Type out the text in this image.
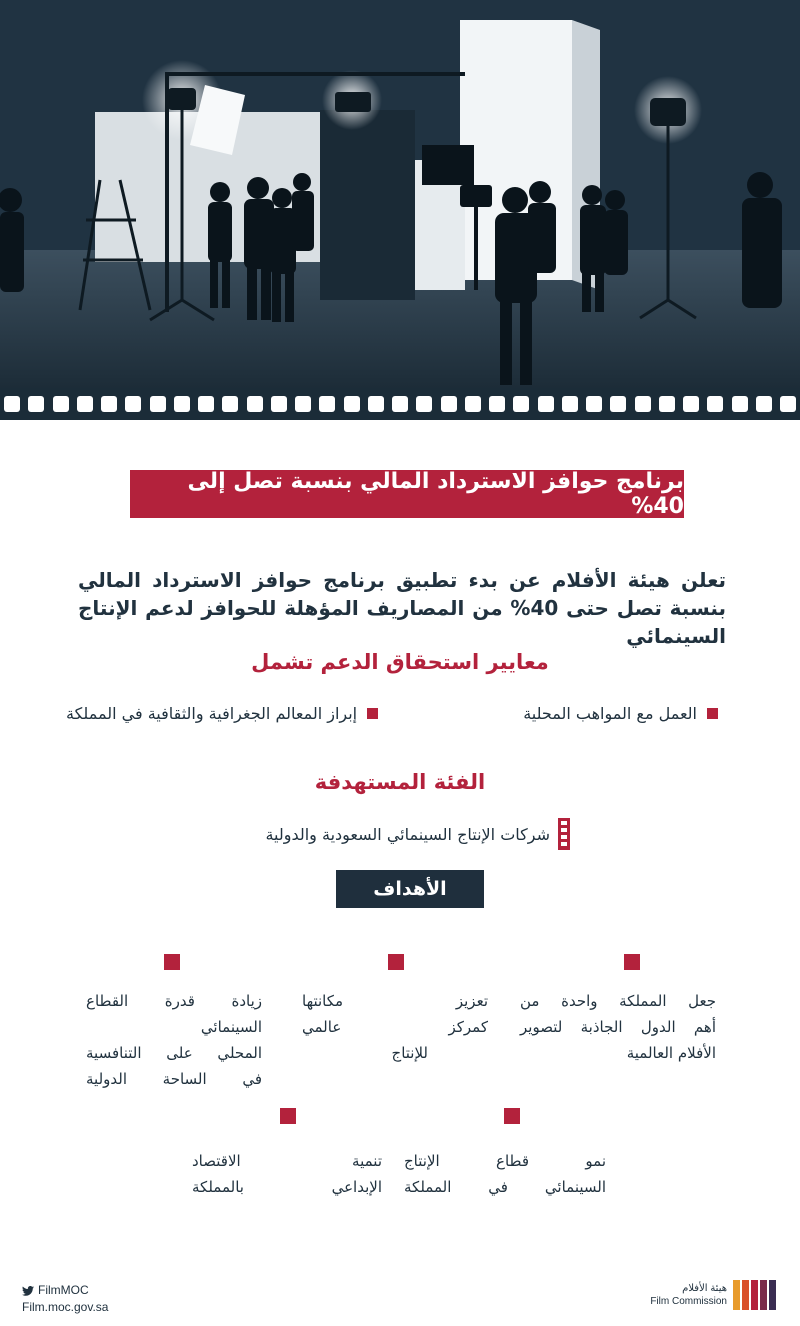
برنامج حوافز الاسترداد المالي بنسبة تصل إلى 40%

تعلن هيئة الأفلام عن بدء تطبيق برنامج حوافز الاسترداد المالي

بنسبة تصل حتى 40% من المصاريف المؤهلة للحوافز لدعم الإنتاج السينمائي

معايير استحقاق الدعم تشمل
العمل مع المواهب المحلية
إبراز المعالم الجغرافية والثقافية في المملكة
الفئة المستهدفة
شركات الإنتاج السينمائي السعودية والدولية
الأهداف
جعل المملكة واحدة من
أهم الدول الجاذبة لتصوير
الأفلام العالمية
تعزيز مكانتها
كمركز عالمي
للإنتاج
زيادة قدرة القطاع السينمائي
المحلي على التنافسية
في الساحة الدولية
نمو قطاع الإنتاج
السينمائي في المملكة
تنمية الاقتصاد
الإبداعي بالمملكة
FilmMOC
Film.moc.gov.sa
هيئة الأفلام
Film Commission
